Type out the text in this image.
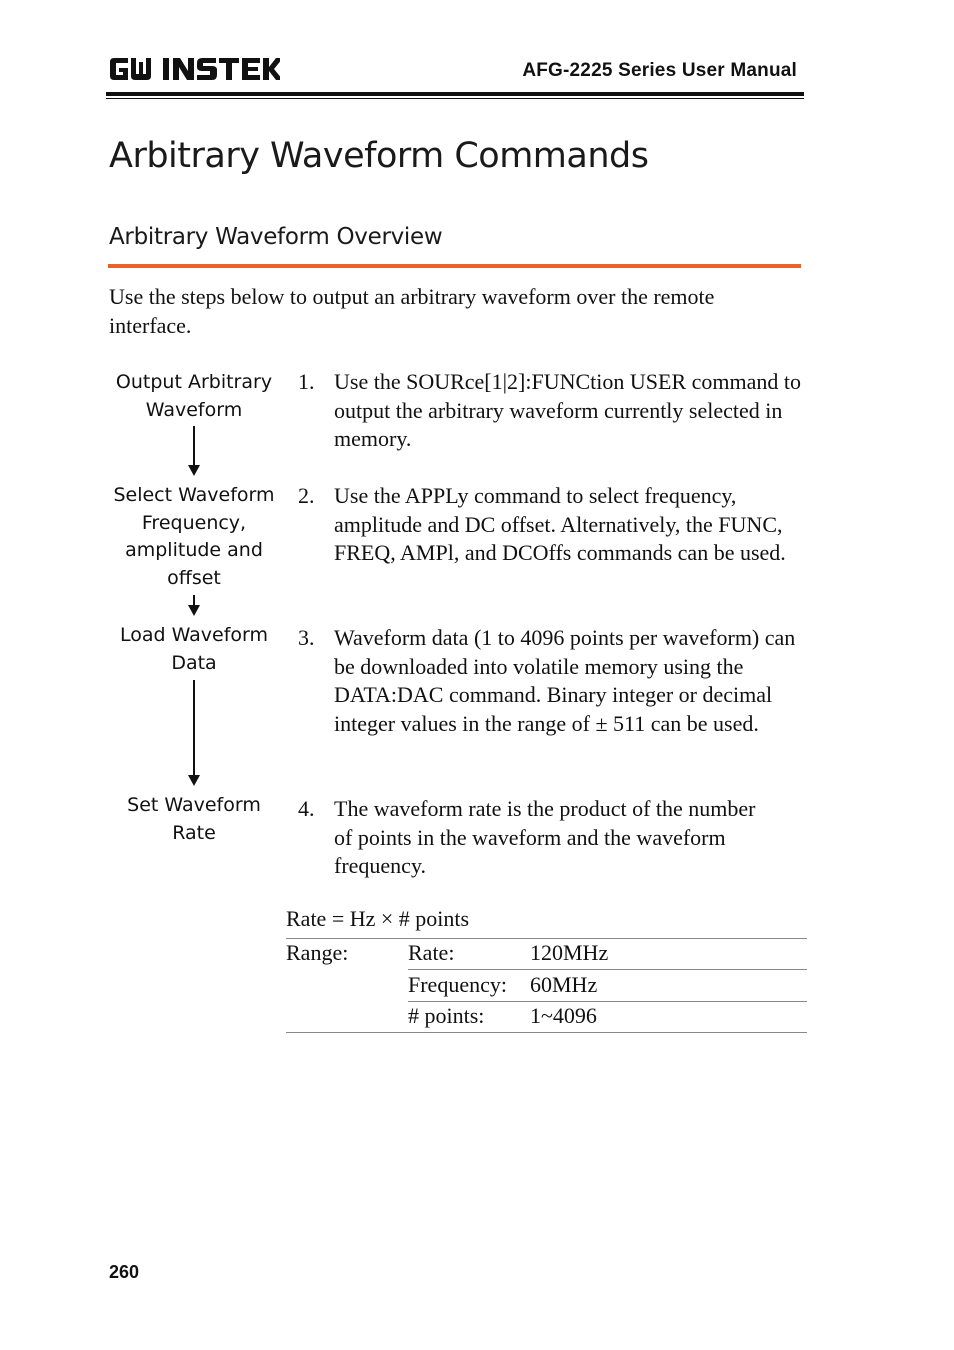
AFG-2225 Series User Manual
Arbitrary Waveform Commands
Arbitrary Waveform Overview
Use the steps below to output an arbitrary waveform over the remote interface.
Output Arbitrary Waveform
Select Waveform Frequency, amplitude and offset
Load Waveform Data
Set Waveform Rate
1. Use the SOURce[1|2]:FUNCtion USER command to output the arbitrary waveform currently selected in memory.
2. Use the APPLy command to select frequency, amplitude and DC offset. Alternatively, the FUNC, FREQ, AMPl, and DCOffs commands can be used.
3. Waveform data (1 to 4096 points per waveform) can be downloaded into volatile memory using the DATA:DAC command. Binary integer or decimal integer values in the range of ± 511 can be used.
4. The waveform rate is the product of the number of points in the waveform and the waveform frequency.
Rate = Hz × # points
Range:	Rate:	120MHz
Frequency: 60MHz
# points: 1~4096
260
